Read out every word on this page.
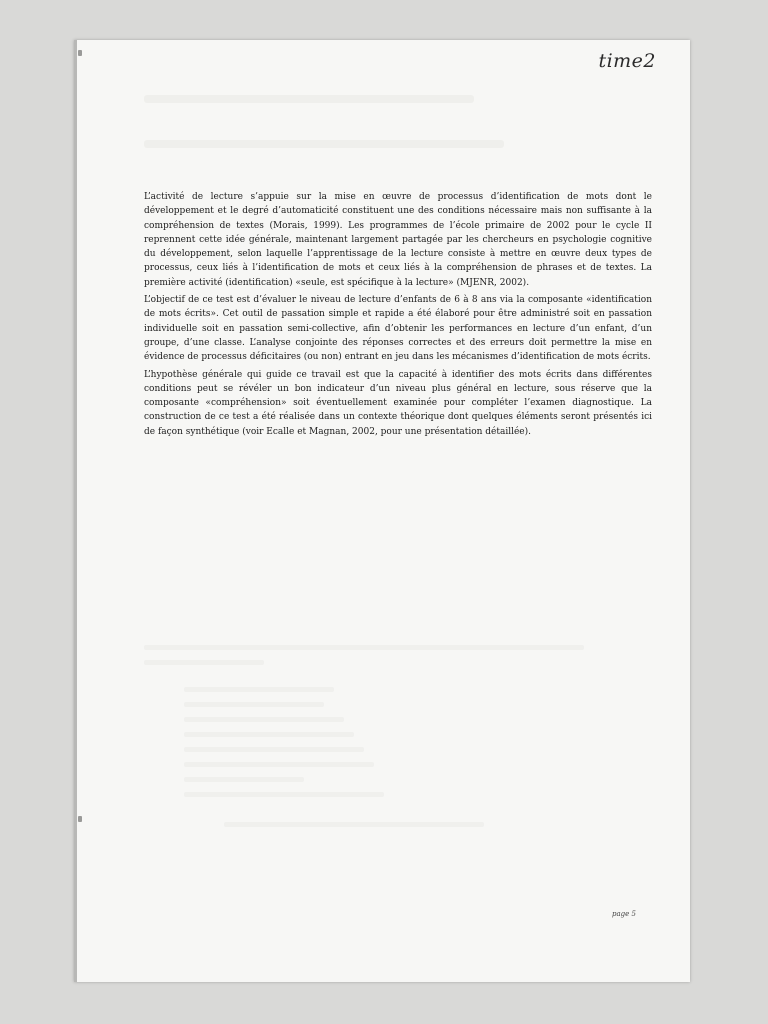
time2

L’activité de lecture s’appuie sur la mise en œuvre de processus d’identification de mots dont le développement et le degré d’automaticité constituent une des conditions nécessaire mais non suffisante à la compréhension de textes (Morais, 1999). Les programmes de l’école primaire de 2002 pour le cycle II reprennent cette idée générale, maintenant largement partagée par les chercheurs en psychologie cognitive du développement, selon laquelle l’apprentissage de la lecture consiste à mettre en œuvre deux types de processus, ceux liés à l’identification de mots et ceux liés à la compréhension de phrases et de textes. La première activité (identification) «seule, est spécifique à la lecture» (MJENR, 2002).

L’objectif de ce test est d’évaluer le niveau de lecture d’enfants de 6 à 8 ans via la composante «identification de mots écrits». Cet outil de passation simple et rapide a été élaboré pour être administré soit en passation individuelle soit en passation semi-collective, afin d’obtenir les performances en lecture d’un enfant, d’un groupe, d’une classe. L’analyse conjointe des réponses correctes et des erreurs doit permettre la mise en évidence de processus déficitaires (ou non) entrant en jeu dans les mécanismes d’identification de mots écrits.

L’hypothèse générale qui guide ce travail est que la capacité à identifier des mots écrits dans différentes conditions peut se révéler un bon indicateur d’un niveau plus général en lecture, sous réserve que la composante «compréhension» soit éventuellement examinée pour compléter l’examen diagnostique. La construction de ce test a été réalisée dans un contexte théorique dont quelques éléments seront présentés ici de façon synthétique (voir Ecalle et Magnan, 2002, pour une présentation détaillée).

page 5
